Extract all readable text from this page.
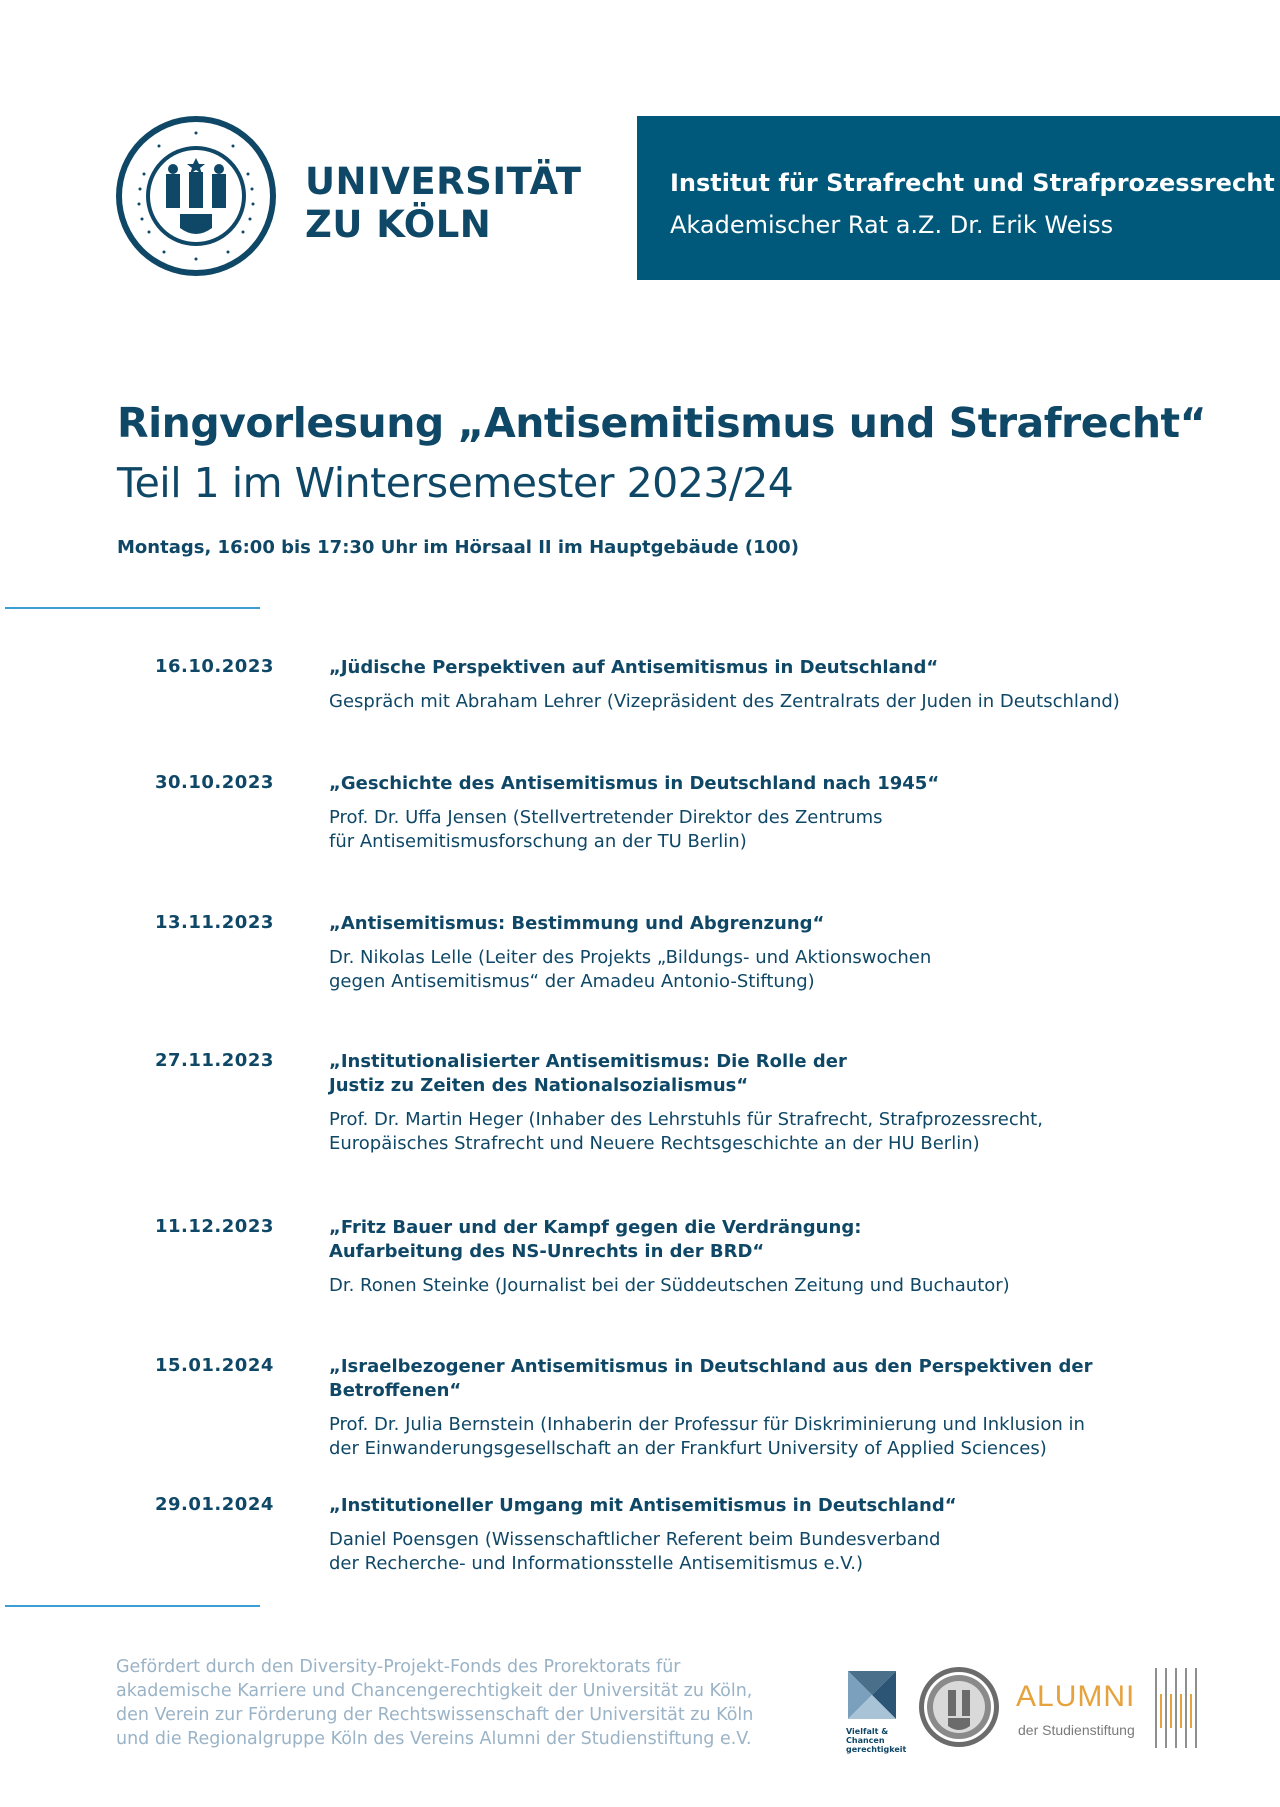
UNIVERSITÄT
ZU KÖLN
Institut für Strafrecht und Strafprozessrecht
Akademischer Rat a.Z. Dr. Erik Weiss
Ringvorlesung „Antisemitismus und Strafrecht“
Teil 1 im Wintersemester 2023/24
Montags, 16:00 bis 17:30 Uhr im Hörsaal II im Hauptgebäude (100)
16.10.2023	„Jüdische Perspektiven auf Antisemitismus in Deutschland“
Gespräch mit Abraham Lehrer (Vizepräsident des Zentralrats der Juden in Deutschland)
30.10.2023	„Geschichte des Antisemitismus in Deutschland nach 1945“
Prof. Dr. Uffa Jensen (Stellvertretender Direktor des Zentrums
für Antisemitismusforschung an der TU Berlin)
13.11.2023	„Antisemitismus: Bestimmung und Abgrenzung“
Dr. Nikolas Lelle (Leiter des Projekts „Bildungs- und Aktionswochen
gegen Antisemitismus“ der Amadeu Antonio-Stiftung)
27.11.2023	„Institutionalisierter Antisemitismus: Die Rolle der
Justiz zu Zeiten des Nationalsozialismus“
Prof. Dr. Martin Heger (Inhaber des Lehrstuhls für Strafrecht, Strafprozessrecht,
Europäisches Strafrecht und Neuere Rechtsgeschichte an der HU Berlin)
11.12.2023	„Fritz Bauer und der Kampf gegen die Verdrängung:
Aufarbeitung des NS-Unrechts in der BRD“
Dr. Ronen Steinke (Journalist bei der Süddeutschen Zeitung und Buchautor)
15.01.2024	„Israelbezogener Antisemitismus in Deutschland aus den Perspektiven der Betroffenen“
Prof. Dr. Julia Bernstein (Inhaberin der Professur für Diskriminierung und Inklusion in
der Einwanderungsgesellschaft an der Frankfurt University of Applied Sciences)
29.01.2024	„Institutioneller Umgang mit Antisemitismus in Deutschland“
Daniel Poensgen (Wissenschaftlicher Referent beim Bundesverband
der Recherche- und Informationsstelle Antisemitismus e.V.)
Gefördert durch den Diversity-Projekt-Fonds des Prorektorats für
akademische Karriere und Chancengerechtigkeit der Universität zu Köln,
den Verein zur Förderung der Rechtswissenschaft der Universität zu Köln
und die Regionalgruppe Köln des Vereins Alumni der Studienstiftung e.V.	Vielfalt &
Chancen
gerechtigkeit
ALUMNI
der Studienstiftung
